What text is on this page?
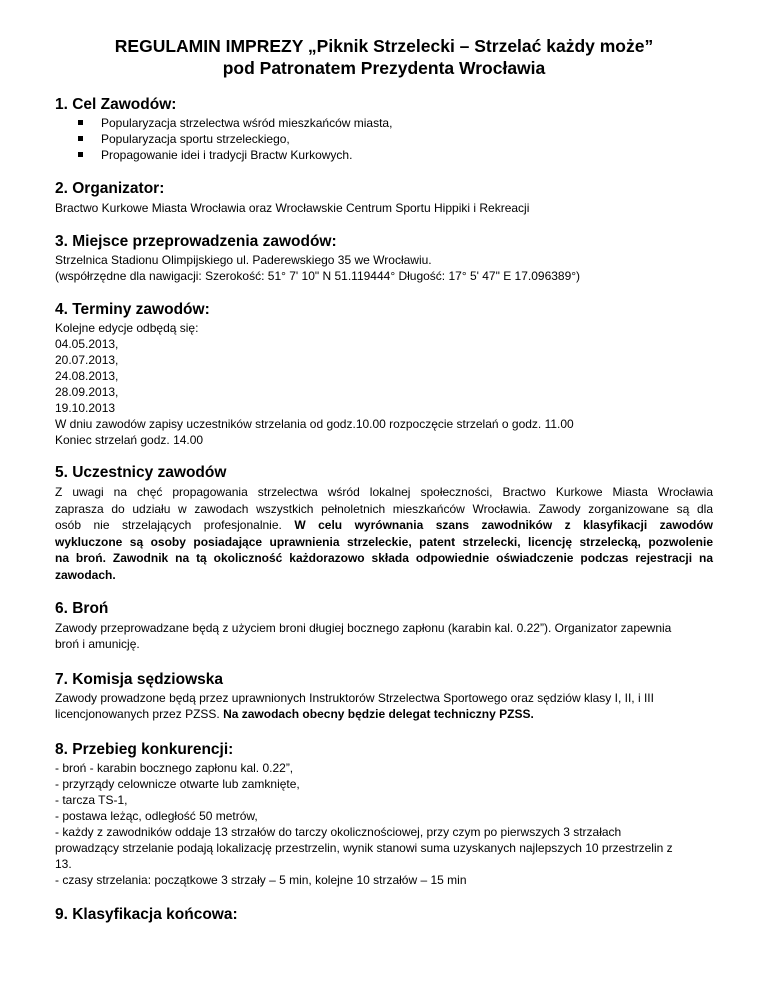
REGULAMIN IMPREZY „Piknik Strzelecki – Strzelać każdy może”
pod Patronatem Prezydenta Wrocławia
1. Cel Zawodów:
Popularyzacja strzelectwa wśród mieszkańców miasta,
Popularyzacja sportu strzeleckiego,
Propagowanie idei i tradycji Bractw Kurkowych.
2. Organizator:
Bractwo Kurkowe Miasta Wrocławia oraz Wrocławskie Centrum Sportu Hippiki i Rekreacji
3. Miejsce przeprowadzenia zawodów:
Strzelnica Stadionu Olimpijskiego ul. Paderewskiego 35 we Wrocławiu.
(współrzędne dla nawigacji: Szerokość: 51° 7' 10" N 51.119444° Długość: 17° 5' 47" E 17.096389°)
4. Terminy zawodów:
Kolejne edycje odbędą się:
04.05.2013,
20.07.2013,
24.08.2013,
28.09.2013,
19.10.2013
W dniu zawodów zapisy uczestników strzelania od godz.10.00 rozpoczęcie strzelań o godz. 11.00
Koniec strzelań godz. 14.00
5. Uczestnicy zawodów
Z uwagi na chęć propagowania strzelectwa wśród lokalnej społeczności, Bractwo Kurkowe Miasta Wrocławia
zaprasza do udziału w zawodach wszystkich pełnoletnich mieszkańców Wrocławia. Zawody zorganizowane są dla
osób nie strzelających profesjonalnie. W celu wyrównania szans zawodników z klasyfikacji zawodów
wykluczone są osoby posiadające uprawnienia strzeleckie, patent strzelecki, licencję strzelecką, pozwolenie
na broń. Zawodnik na tą okoliczność każdorazowo składa odpowiednie oświadczenie podczas rejestracji na
zawodach.
6. Broń
Zawody przeprowadzane będą z użyciem broni długiej bocznego zapłonu (karabin kal. 0.22”). Organizator zapewnia
broń i amunicję.
7. Komisja sędziowska
Zawody prowadzone będą przez uprawnionych Instruktorów Strzelectwa Sportowego oraz sędziów klasy I, II, i III
licencjonowanych przez PZSS. Na zawodach obecny będzie delegat techniczny PZSS.
8. Przebieg konkurencji:
- broń - karabin bocznego zapłonu kal. 0.22”,
- przyrządy celownicze otwarte lub zamknięte,
- tarcza TS-1,
- postawa leżąc, odległość 50 metrów,
- każdy z zawodników oddaje 13 strzałów do tarczy okolicznościowej, przy czym po pierwszych 3 strzałach
prowadzący strzelanie podają lokalizację przestrzelin, wynik stanowi suma uzyskanych najlepszych 10 przestrzelin z
13.
- czasy strzelania: początkowe 3 strzały – 5 min, kolejne 10 strzałów – 15 min
9. Klasyfikacja końcowa:
